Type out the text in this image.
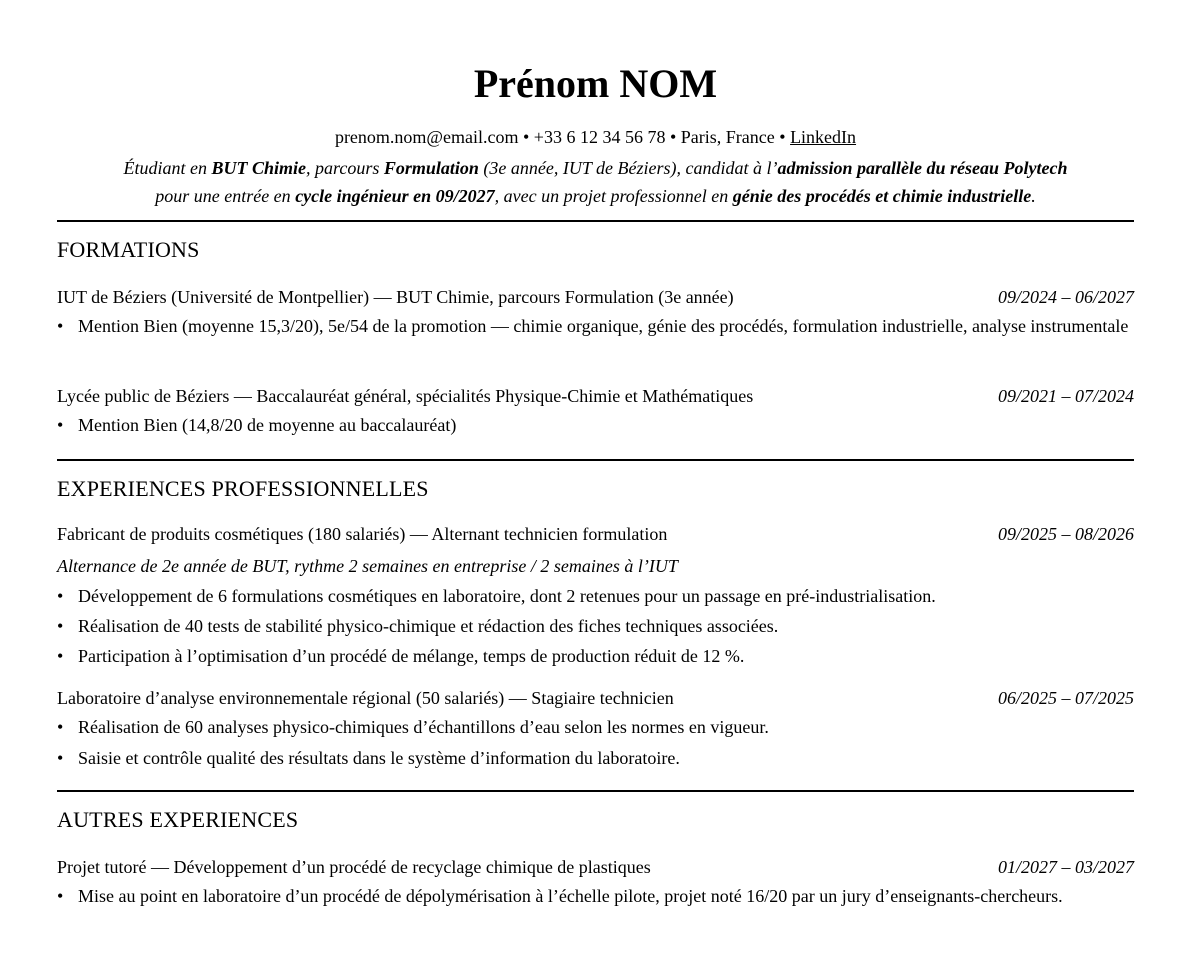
Prénom NOM
prenom.nom@email.com • +33 6 12 34 56 78 • Paris, France • LinkedIn
Étudiant en BUT Chimie, parcours Formulation (3e année, IUT de Béziers), candidat à l’admission parallèle du réseau Polytech
pour une entrée en cycle ingénieur en 09/2027, avec un projet professionnel en génie des procédés et chimie industrielle.
FORMATIONS
IUT de Béziers (Université de Montpellier) — BUT Chimie, parcours Formulation (3e année)	09/2024 – 06/2027
• Mention Bien (moyenne 15,3/20), 5e/54 de la promotion — chimie organique, génie des procédés, formulation industrielle, analyse instrumentale
Lycée public de Béziers — Baccalauréat général, spécialités Physique-Chimie et Mathématiques	09/2021 – 07/2024
• Mention Bien (14,8/20 de moyenne au baccalauréat)
EXPERIENCES PROFESSIONNELLES
Fabricant de produits cosmétiques (180 salariés) — Alternant technicien formulation	09/2025 – 08/2026
Alternance de 2e année de BUT, rythme 2 semaines en entreprise / 2 semaines à l’IUT
• Développement de 6 formulations cosmétiques en laboratoire, dont 2 retenues pour un passage en pré-industrialisation.
• Réalisation de 40 tests de stabilité physico-chimique et rédaction des fiches techniques associées.
• Participation à l’optimisation d’un procédé de mélange, temps de production réduit de 12 %.
Laboratoire d’analyse environnementale régional (50 salariés) — Stagiaire technicien	06/2025 – 07/2025
• Réalisation de 60 analyses physico-chimiques d’échantillons d’eau selon les normes en vigueur.
• Saisie et contrôle qualité des résultats dans le système d’information du laboratoire.
AUTRES EXPERIENCES
Projet tutoré — Développement d’un procédé de recyclage chimique de plastiques	01/2027 – 03/2027
• Mise au point en laboratoire d’un procédé de dépolymérisation à l’échelle pilote, projet noté 16/20 par un jury d’enseignants-chercheurs.
